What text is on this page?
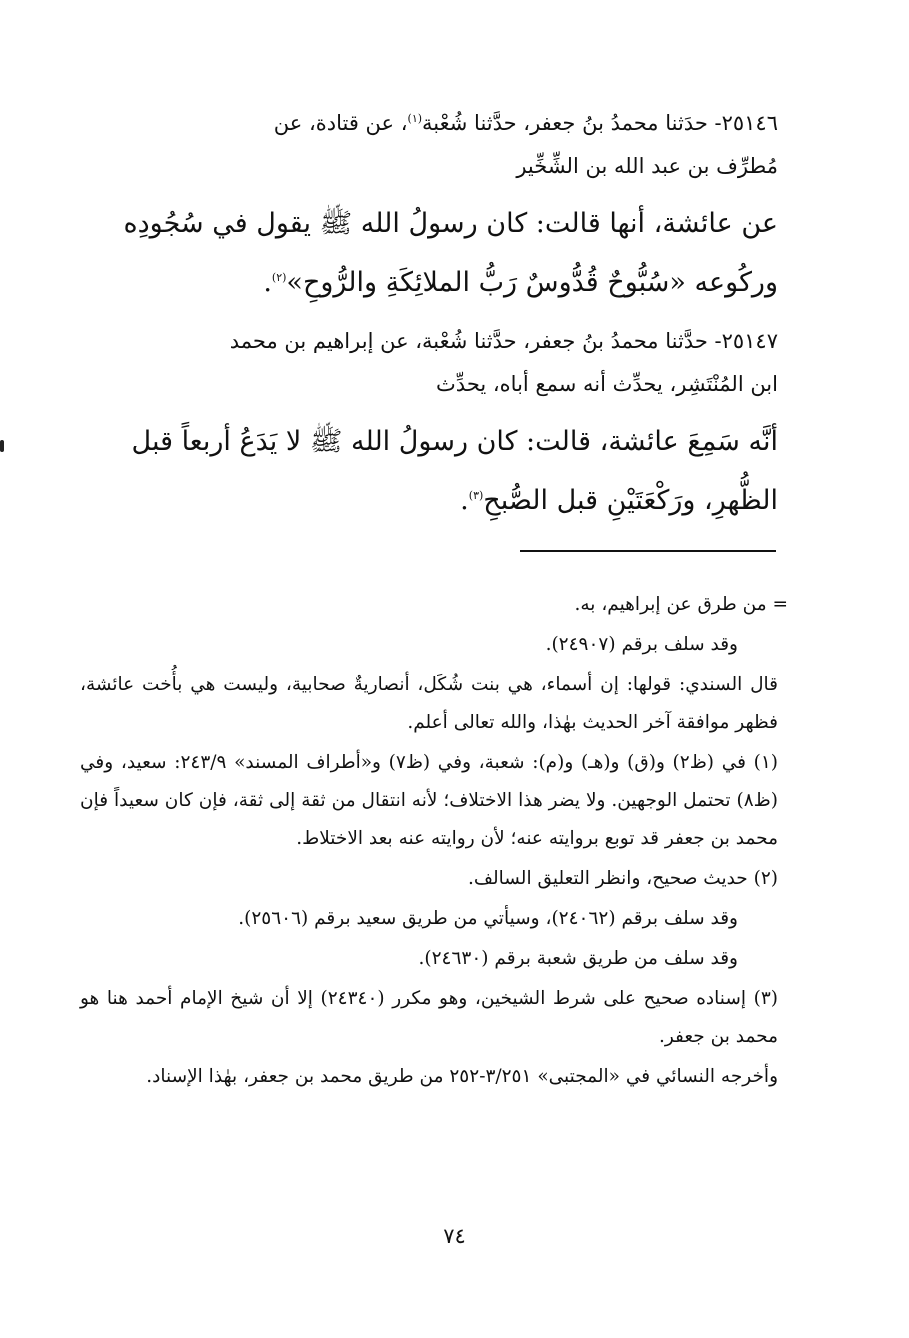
٢٥١٤٦- حدَثنا محمدُ بنُ جعفر، حدَّثنا شُعْبة$^{(١)}$، عن قتادة، عن
مُطرِّف بن عبد الله بن الشِّخِّير

عن عائشة، أنها قالت: كان رسولُ الله ﷺ يقول في سُجُودِه
وركُوعه «سُبُّوحٌ قُدُّوسٌ رَبُّ الملائِكَةِ والرُّوحِ»$^{(٢)}$.

٢٥١٤٧- حدَّثنا محمدُ بنُ جعفر، حدَّثنا شُعْبة، عن إبراهيم بن محمد
ابن المُنْتَشِر، يحدِّث أنه سمع أباه، يحدِّث

أنَّه سَمِعَ عائشة، قالت: كان رسولُ الله ﷺ لا يَدَعُ أربعاً قبل
الظُّهرِ، ورَكْعَتَيْنِ قبل الصُّبحِ$^{(٣)}$.

= من طرق عن إبراهيم، به.

وقد سلف برقم (٢٤٩٠٧).

قال السندي: قولها: إن أسماء، هي بنت شُكَل، أنصاريةٌ صحابية، وليست هي بأُخت عائشة، فظهر موافقة آخر الحديث بهٰذا، والله تعالى أعلم.

(١) في (ظ٢) و(ق) و(هـ) و(م): شعبة، وفي (ظ٧) و«أطراف المسند» ٢٤٣/٩: سعيد، وفي (ظ٨) تحتمل الوجهين. ولا يضر هذا الاختلاف؛ لأنه انتقال من ثقة إلى ثقة، فإن كان سعيداً فإن محمد بن جعفر قد توبع بروايته عنه؛ لأن روايته عنه بعد الاختلاط.

(٢) حديث صحيح، وانظر التعليق السالف.

وقد سلف برقم (٢٤٠٦٢)، وسيأتي من طريق سعيد برقم (٢٥٦٠٦).

وقد سلف من طريق شعبة برقم (٢٤٦٣٠).

(٣) إسناده صحيح على شرط الشيخين، وهو مكرر (٢٤٣٤٠) إلا أن شيخ الإمام أحمد هنا هو محمد بن جعفر.

وأخرجه النسائي في «المجتبى» ٣/٢٥١-٢٥٢ من طريق محمد بن جعفر، بهٰذا الإسناد.

٧٤
